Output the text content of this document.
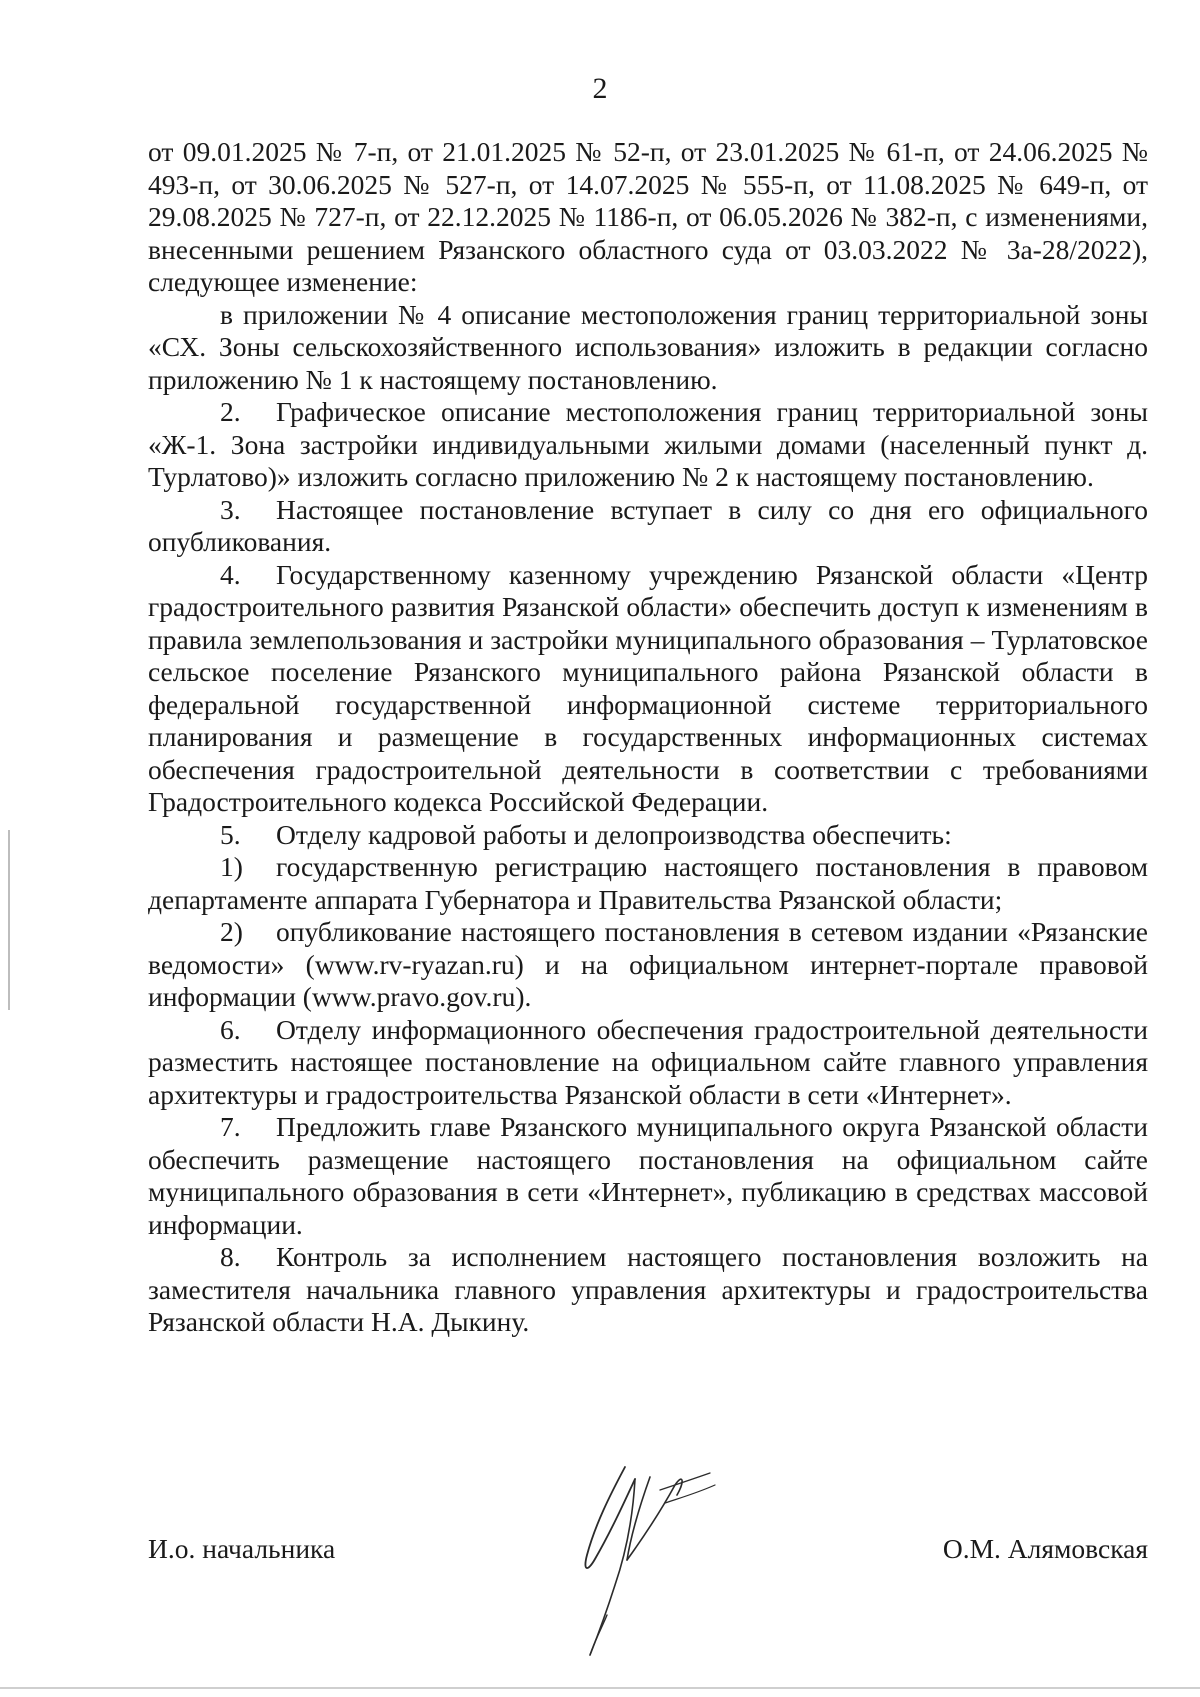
2

от 09.01.2025 № 7-п, от 21.01.2025 № 52-п, от 23.01.2025 № 61-п, от 24.06.2025 № 493-п, от 30.06.2025 № 527-п, от 14.07.2025 № 555-п, от 11.08.2025 № 649-п, от 29.08.2025 № 727-п, от 22.12.2025 № 1186-п, от 06.05.2026 № 382-п, с изменениями, внесенными решением Рязанского областного суда от 03.03.2022 № 3а-28/2022), следующее изменение:

в приложении № 4 описание местоположения границ территориальной зоны «СХ. Зоны сельскохозяйственного использования» изложить в редакции согласно приложению № 1 к настоящему постановлению.

2. Графическое описание местоположения границ территориальной зоны «Ж-1. Зона застройки индивидуальными жилыми домами (населенный пункт д. Турлатово)» изложить согласно приложению № 2 к настоящему постановлению.

3. Настоящее постановление вступает в силу со дня его официального опубликования.

4. Государственному казенному учреждению Рязанской области «Центр градостроительного развития Рязанской области» обеспечить доступ к изменениям в правила землепользования и застройки муниципального образования – Турлатовское сельское поселение Рязанского муниципального района Рязанской области в федеральной государственной информационной системе территориального планирования и размещение в государственных информационных системах обеспечения градостроительной деятельности в соответствии с требованиями Градостроительного кодекса Российской Федерации.

5. Отделу кадровой работы и делопроизводства обеспечить:

1) государственную регистрацию настоящего постановления в правовом департаменте аппарата Губернатора и Правительства Рязанской области;

2) опубликование настоящего постановления в сетевом издании «Рязанские ведомости» (www.rv-ryazan.ru) и на официальном интернет-портале правовой информации (www.pravo.gov.ru).

6. Отделу информационного обеспечения градостроительной деятельности разместить настоящее постановление на официальном сайте главного управления архитектуры и градостроительства Рязанской области в сети «Интернет».

7. Предложить главе Рязанского муниципального округа Рязанской области обеспечить размещение настоящего постановления на официальном сайте муниципального образования в сети «Интернет», публикацию в средствах массовой информации.

8. Контроль за исполнением настоящего постановления возложить на заместителя начальника главного управления архитектуры и градостроительства Рязанской области Н.А. Дыкину.

И.о. начальника	О.М. Алямовская
